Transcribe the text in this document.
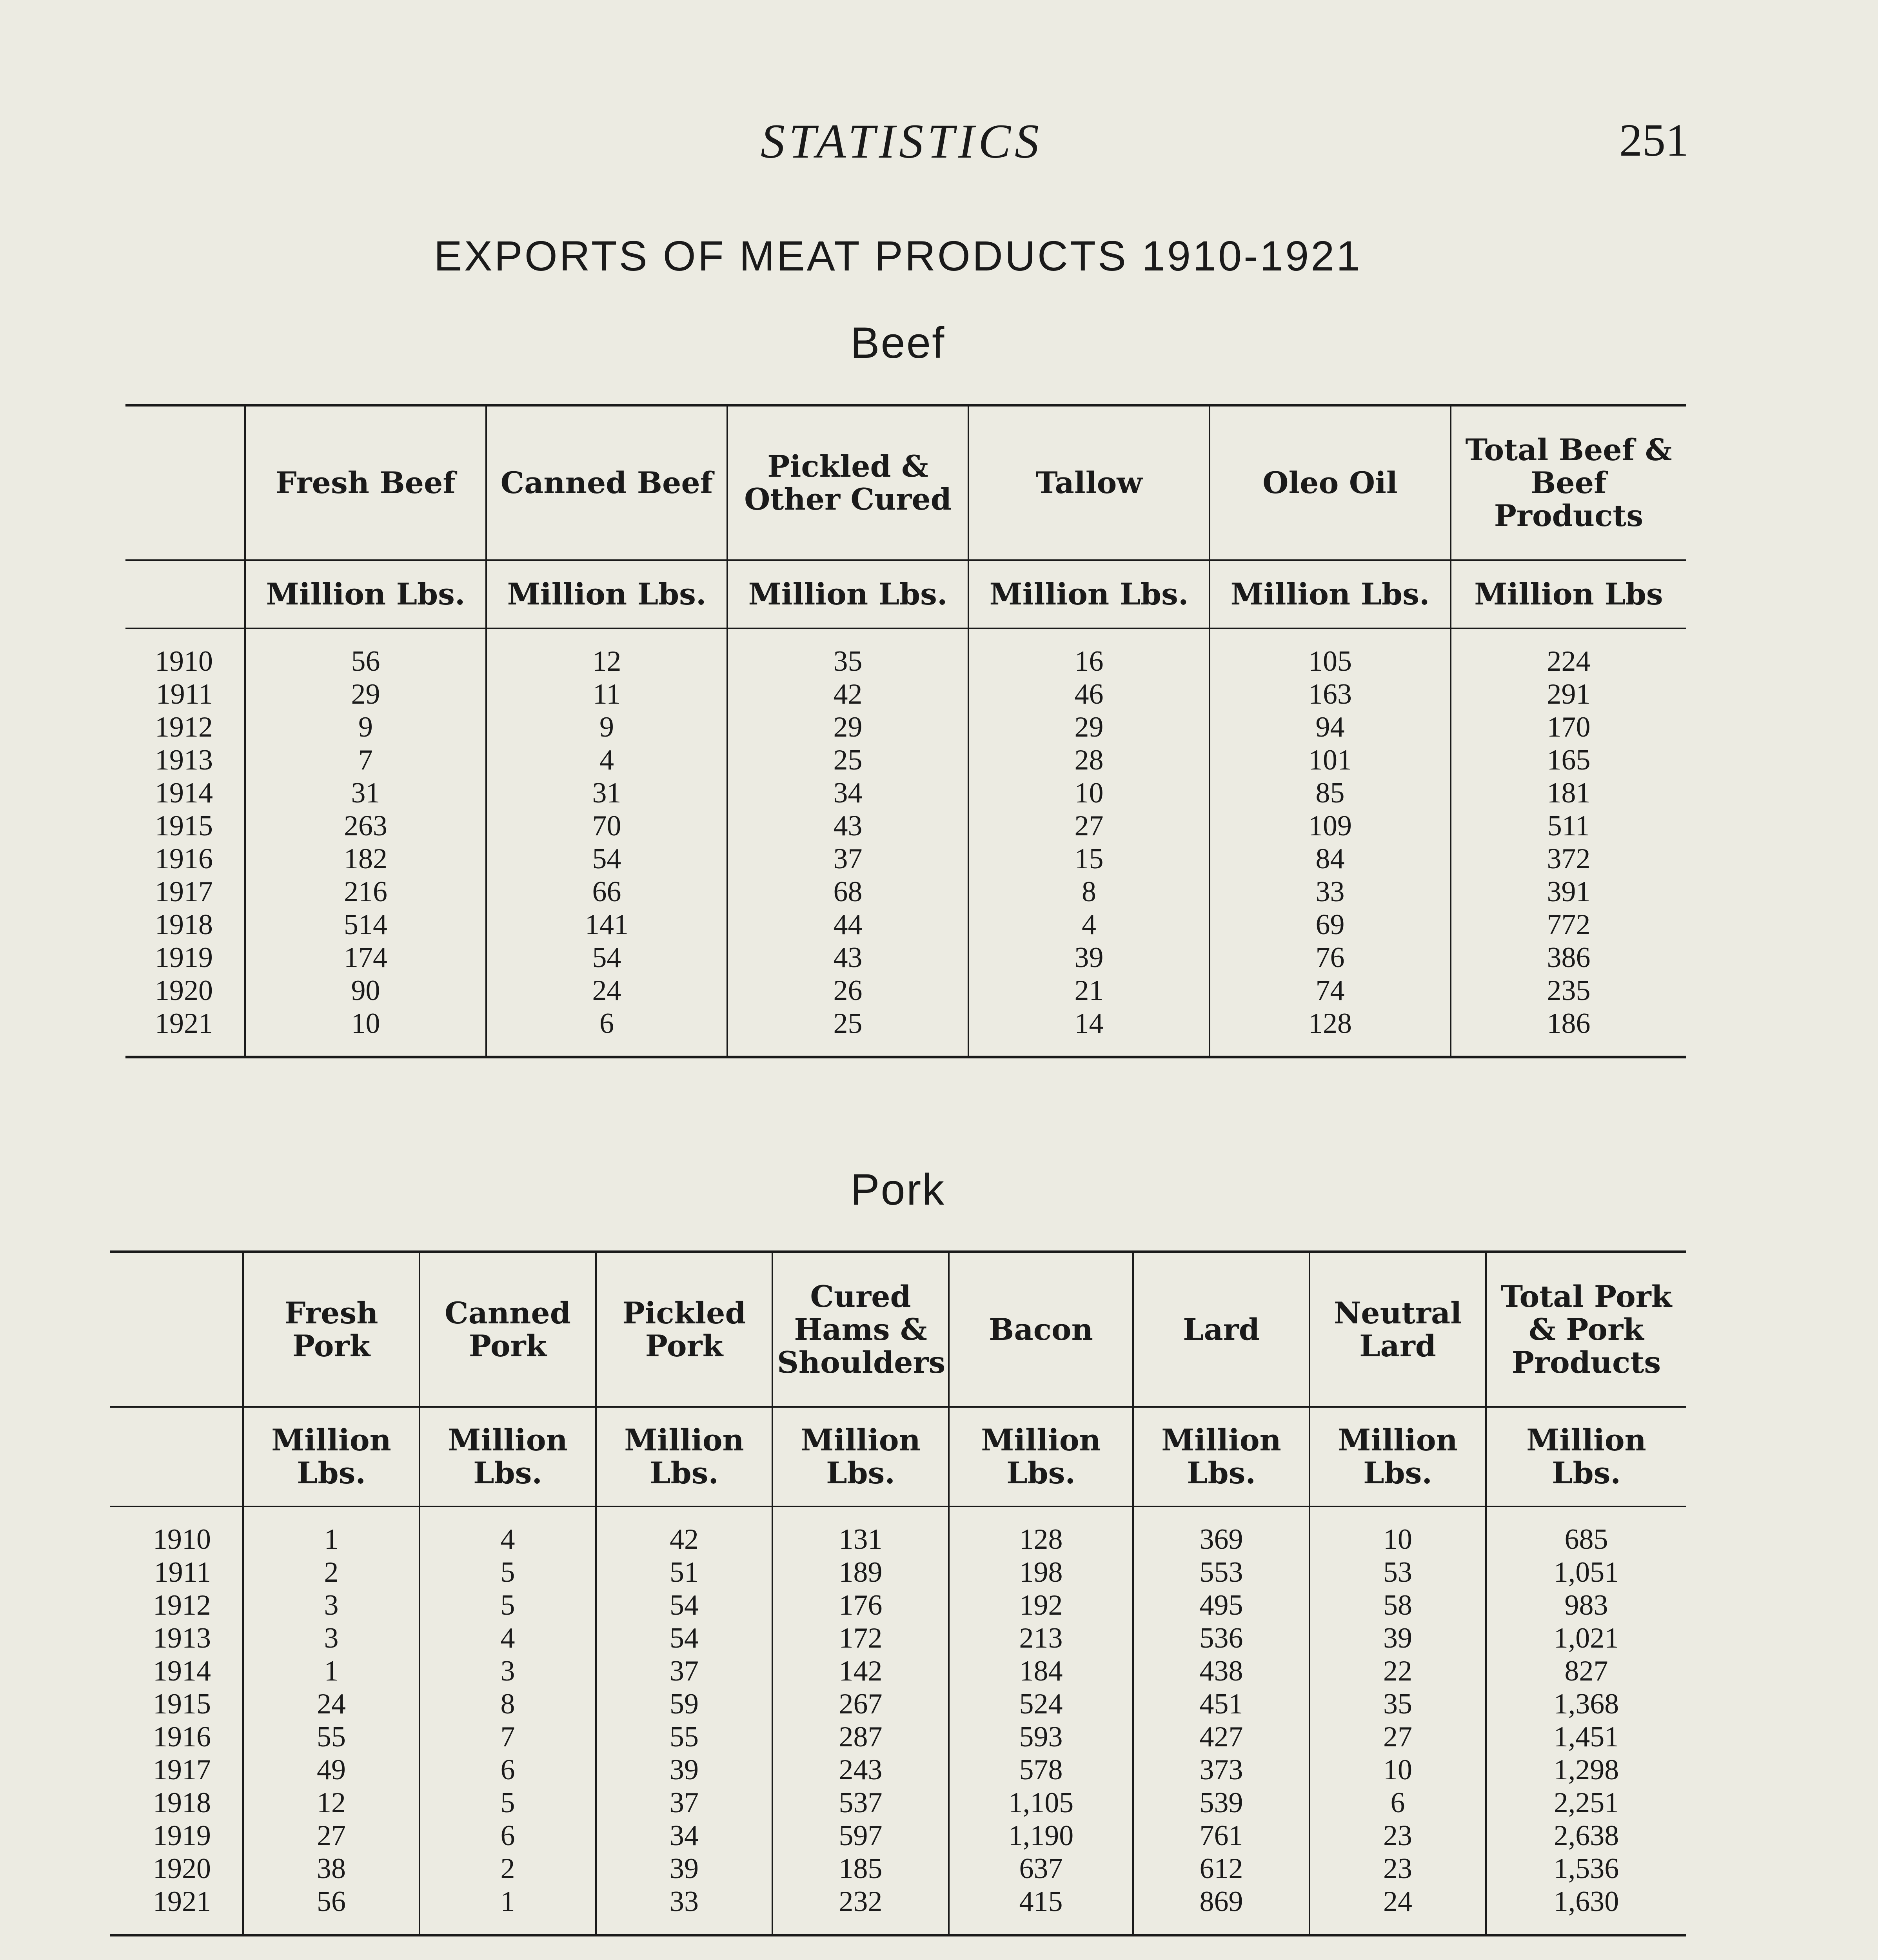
STATISTICS	251
EXPORTS OF MEAT PRODUCTS 1910-1921
Beef
	Fresh Beef	Canned Beef	Pickled & Other Cured	Tallow	Oleo Oil	Total Beef & Beef Products
	Million Lbs.	Million Lbs.	Million Lbs.	Million Lbs.	Million Lbs.	Million Lbs

1910	56	12	35	16	105	224
1911	29	11	42	46	163	291
1912	9	9	29	29	94	170
1913	7	4	25	28	101	165
1914	31	31	34	10	85	181
1915	263	70	43	27	109	511
1916	182	54	37	15	84	372
1917	216	66	68	8	33	391
1918	514	141	44	4	69	772
1919	174	54	43	39	76	386
1920	90	24	26	21	74	235
1921	10	6	25	14	128	186

Pork
	Fresh Pork	Canned Pork	Pickled Pork	Cured Hams & Shoulders	Bacon	Lard	Neutral Lard	Total Pork & Pork Products
	Million Lbs.	Million Lbs.	Million Lbs.	Million Lbs.	Million Lbs.	Million Lbs.	Million Lbs.	Million Lbs.

1910	1	4	42	131	128	369	10	685
1911	2	5	51	189	198	553	53	1,051
1912	3	5	54	176	192	495	58	983
1913	3	4	54	172	213	536	39	1,021
1914	1	3	37	142	184	438	22	827
1915	24	8	59	267	524	451	35	1,368
1916	55	7	55	287	593	427	27	1,451
1917	49	6	39	243	578	373	10	1,298
1918	12	5	37	537	1,105	539	6	2,251
1919	27	6	34	597	1,190	761	23	2,638
1920	38	2	39	185	637	612	23	1,536
1921	56	1	33	232	415	869	24	1,630
